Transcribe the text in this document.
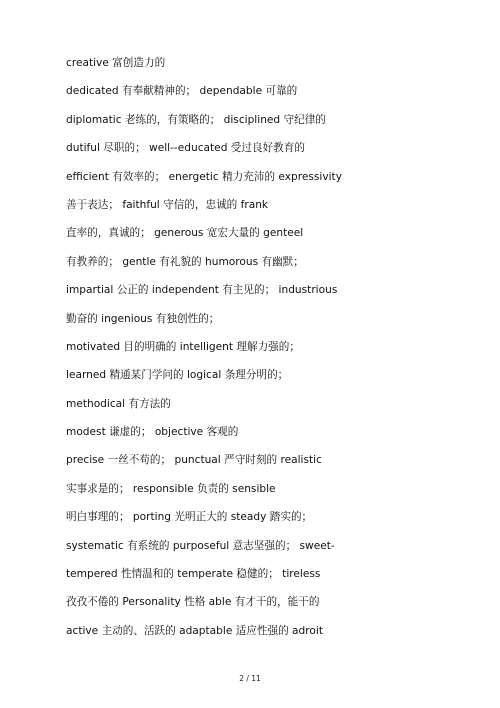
creative 富创造力的
dedicated 有奉献精神的； dependable 可靠的
diplomatic 老练的，有策略的； disciplined 守纪律的
dutiful 尽职的； well--educated 受过良好教育的
efficient 有效率的； energetic 精力充沛的 expressivity
善于表达； faithful 守信的，忠诚的 frank
直率的，真诚的； generous 宽宏大量的 genteel
有教养的； gentle 有礼貌的 humorous 有幽默；
impartial 公正的 independent 有主见的； industrious
勤奋的 ingenious 有独创性的；
motivated 目的明确的 intelligent 理解力强的；
learned 精通某门学问的 logical 条理分明的；
methodical 有方法的
modest 谦虚的； objective 客观的
precise 一丝不苟的； punctual 严守时刻的 realistic
实事求是的； responsible 负责的 sensible
明白事理的； porting 光明正大的 steady 踏实的；
systematic 有系统的 purposeful 意志坚强的； sweet-
tempered 性情温和的 temperate 稳健的； tireless
孜孜不倦的 Personality 性格 able 有才干的，能干的
active 主动的、活跃的 adaptable 适应性强的 adroit
2 / 11
